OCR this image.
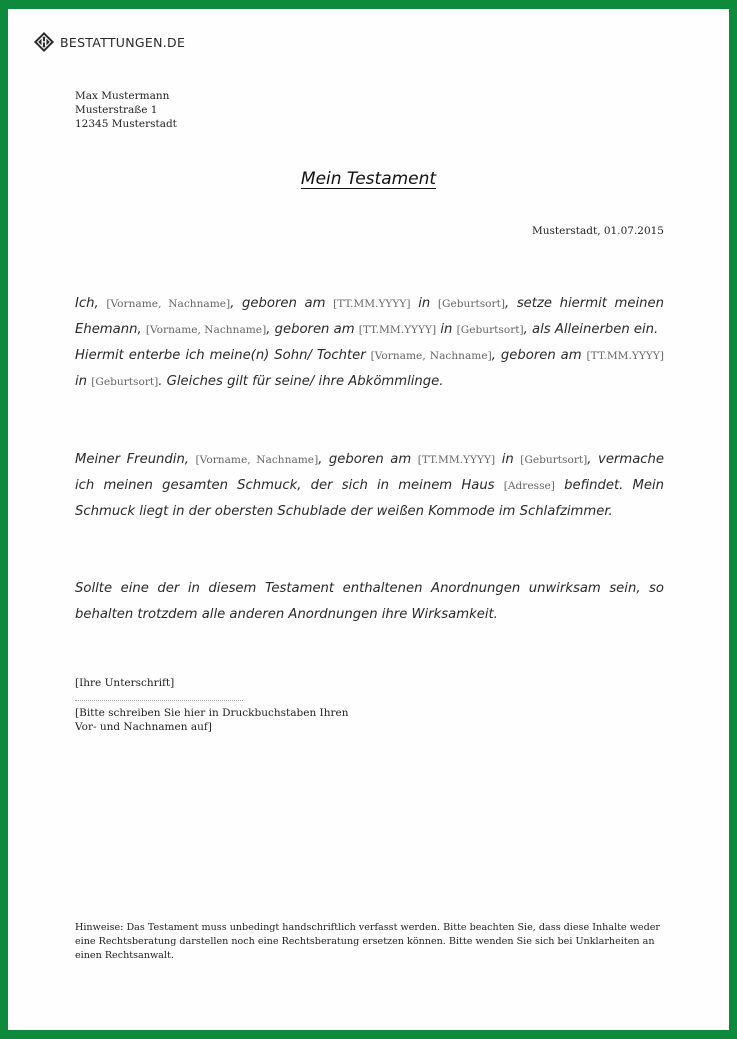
BESTATTUNGEN.DE
Max Mustermann
Musterstraße 1
12345 Musterstadt
Mein Testament
Musterstadt, 01.07.2015
Ich, [Vorname, Nachname], geboren am [TT.MM.YYYY] in [Geburtsort], setze hiermit meinen Ehemann, [Vorname, Nachname], geboren am [TT.MM.YYYY] in [Geburtsort], als Alleinerben ein.
Hiermit enterbe ich meine(n) Sohn/ Tochter [Vorname, Nachname], geboren am [TT.MM.YYYY] in [Geburtsort]. Gleiches gilt für seine/ ihre Abkömmlinge.
Meiner Freundin, [Vorname, Nachname], geboren am [TT.MM.YYYY] in [Geburtsort], vermache ich meinen gesamten Schmuck, der sich in meinem Haus [Adresse] befindet. Mein Schmuck liegt in der obersten Schublade der weißen Kommode im Schlafzimmer.
Sollte eine der in diesem Testament enthaltenen Anordnungen unwirksam sein, so behalten trotzdem alle anderen Anordnungen ihre Wirksamkeit.
[Ihre Unterschrift]
[Bitte schreiben Sie hier in Druckbuchstaben Ihren Vor- und Nachnamen auf]
Hinweise: Das Testament muss unbedingt handschriftlich verfasst werden. Bitte beachten Sie, dass diese Inhalte weder eine Rechtsberatung darstellen noch eine Rechtsberatung ersetzen können. Bitte wenden Sie sich bei Unklarheiten an einen Rechtsanwalt.
